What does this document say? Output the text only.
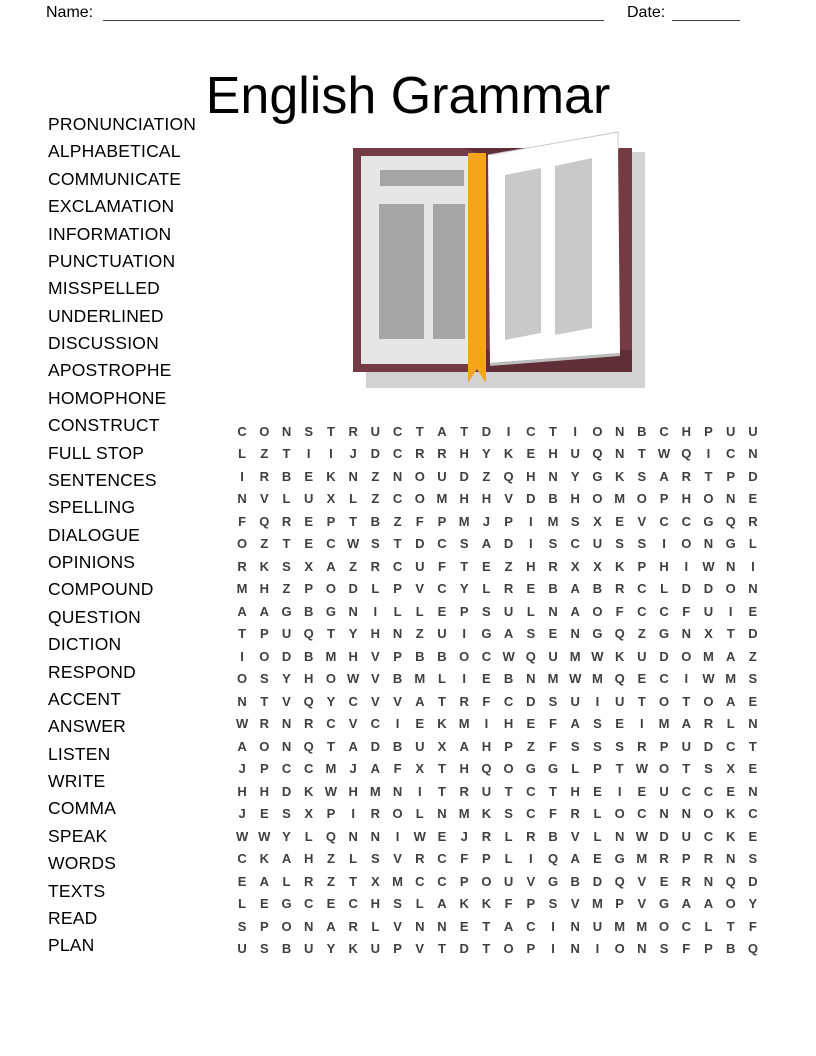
Name:	Date:
English Grammar
PRONUNCIATION
ALPHABETICAL
COMMUNICATE
EXCLAMATION
INFORMATION
PUNCTUATION
MISSPELLED
UNDERLINED
DISCUSSION
APOSTROPHE
HOMOPHONE
CONSTRUCT
FULL STOP
SENTENCES
SPELLING
DIALOGUE
OPINIONS
COMPOUND
QUESTION
DICTION
RESPOND
ACCENT
ANSWER
LISTEN
WRITE
COMMA
SPEAK
WORDS
TEXTS
READ
PLAN
C O N	S	T	R U C	T	A	T	D	I	C	T	I	O N B C H	P	U U
L	Z	T	I	I	J	D C R R H	Y	K	E	H U Q N	T W Q	I	C N
I	R B	E	K N	Z	N O U D	Z	Q H N	Y G K	S	A R	T	P	D
N	V	L	U	X	L	Z	C O M H H	V	D B H O M O P	H O N	E
F	Q R	E	P	T	B	Z	F	P M	J	P	I	M S	X	E	V	C C G Q R
O	Z	T	E	C W S	T	D C	S	A D	I	S	C U	S	S	I	O N G	L
R K	S	X	A	Z	R C U	F	T	E	Z	H R	X	X	K	P	H	I	W N	I
M H	Z	P O D	L	P	V	C	Y	L	R	E	B A B R C	L	D D O N
A A G B G N	I	L	L	E	P	S	U	L	N A O	F	C C	F	U	I	E
T	P	U Q	T	Y	H N	Z	U	I	G A	S	E	N G Q	Z	G N	X	T	D
I	O D B M H	V	P	B B O C W Q U M W K U D O M A	Z
O S	Y	H O W V	B M L	I	E	B N M W M Q E	C	I	W M S
N	T	V Q Y	C	V	V	A	T	R	F	C D	S	U	I	U	T	O	T	O A	E
W R N R C	V	C	I	E	K M	I	H	E	F	A	S	E	I	M A R	L	N
A O N Q	T	A D B U	X	A H	P	Z	F	S	S	S	R	P	U D C	T
J	P	C C M	J	A	F	X	T	H Q O G G	L	P	T W O	T	S	X	E
H H D K W H M N	I	T	R U	T	C	T	H	E	I	E	U C C	E	N
J	E	S	X	P	I	R O	L	N M K	S	C	F	R	L	O C N N O K C
W W Y	L	Q N N	I	W E	J	R	L	R B	V	L	N W D U C K	E
C K A H	Z	L	S	V	R C	F	P	L	I	Q A	E G M R	P	R N	S
E	A	L	R	Z	T	X M C C	P O U	V G B D Q V	E	R N Q D
L	E G C	E	C H	S	L	A K K	F	P	S	V M P	V G A A O Y
S	P O N A R	L	V	N N	E	T	A C	I	N U M M O C	L	T	F
U	S	B U	Y	K U	P	V	T	D	T	O P	I	N	I	O N	S	F	P	B Q
